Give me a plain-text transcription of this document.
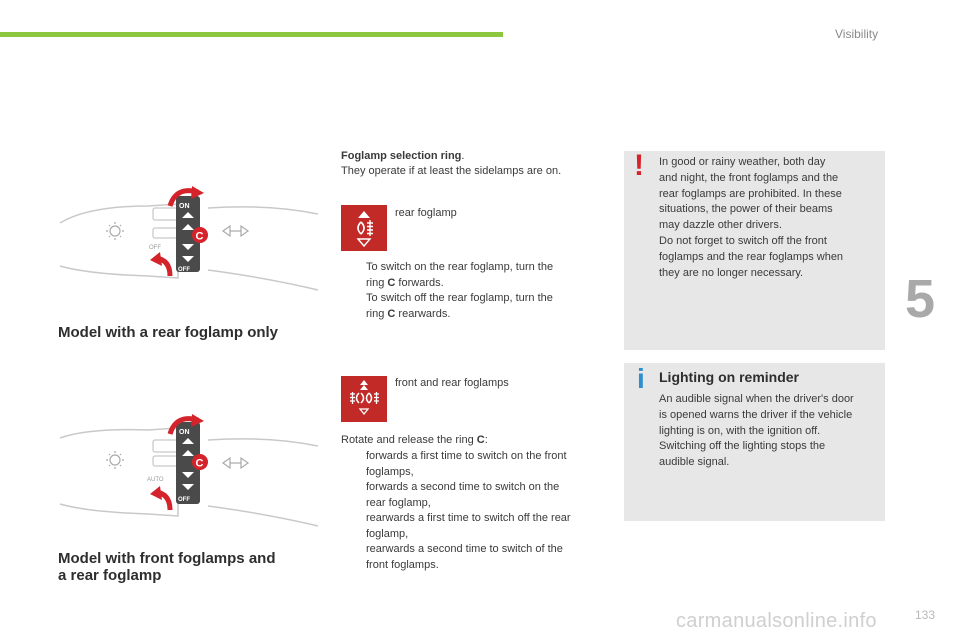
Visibility
5
133
carmanualsonline.info
OFF
ON
OFF
C
Model with a rear foglamp only
AUTO
ON
OFF
C
Model with front foglamps and
a rear foglamp
Foglamp selection ring.
They operate if at least the sidelamps are on.
rear foglamp
To switch on the rear foglamp, turn the
ring C forwards.
To switch off the rear foglamp, turn the
ring C rearwards.
front and rear foglamps
Rotate and release the ring C:
forwards a first time to switch on the front
foglamps,
forwards a second time to switch on the
rear foglamp,
rearwards a first time to switch off the rear
foglamp,
rearwards a second time to switch of the
front foglamps.
! In good or rainy weather, both day
and night, the front foglamps and the
rear foglamps are prohibited. In these
situations, the power of their beams
may dazzle other drivers.
Do not forget to switch off the front
foglamps and the rear foglamps when
they are no longer necessary.
i Lighting on reminder
An audible signal when the driver's door
is opened warns the driver if the vehicle
lighting is on, with the ignition off.
Switching off the lighting stops the
audible signal.
